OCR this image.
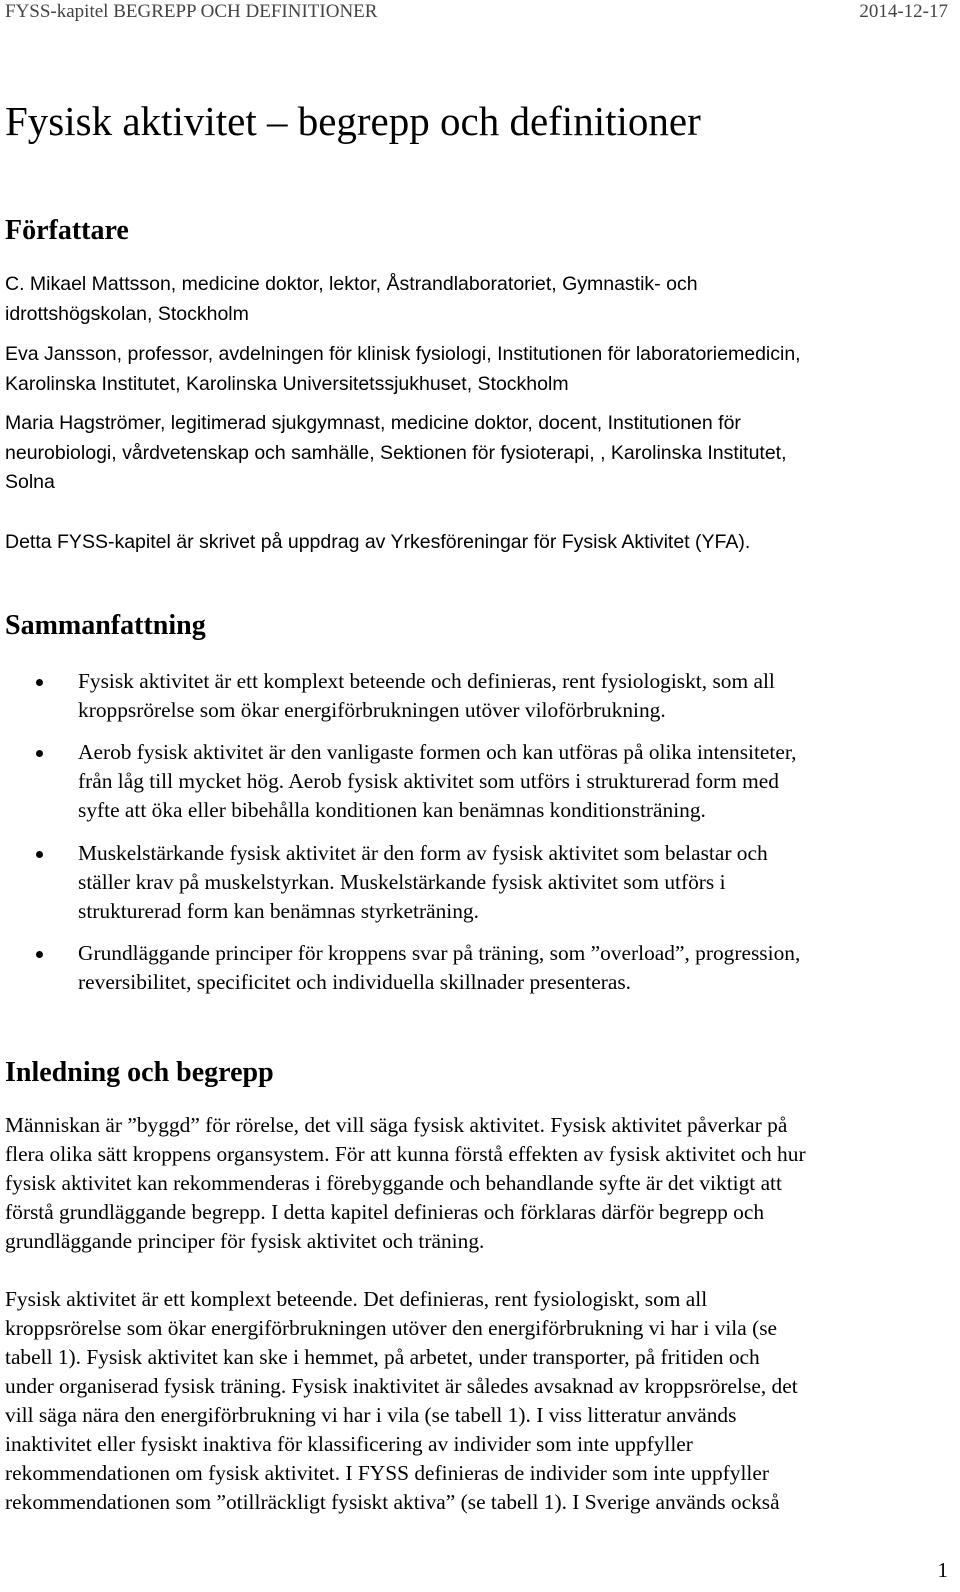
FYSS-kapitel BEGREPP OCH DEFINITIONER	2014-12-17
Fysisk aktivitet – begrepp och definitioner
Författare

C. Mikael Mattsson, medicine doktor, lektor, Åstrandlaboratoriet, Gymnastik- och
idrottshögskolan, Stockholm

Eva Jansson, professor, avdelningen för klinisk fysiologi, Institutionen för laboratoriemedicin,
Karolinska Institutet, Karolinska Universitetssjukhuset, Stockholm

Maria Hagströmer, legitimerad sjukgymnast, medicine doktor, docent, Institutionen för
neurobiologi, vårdvetenskap och samhälle, Sektionen för fysioterapi, , Karolinska Institutet,
Solna

Detta FYSS-kapitel är skrivet på uppdrag av Yrkesföreningar för Fysisk Aktivitet (YFA).

Sammanfattning
Fysisk aktivitet är ett komplext beteende och definieras, rent fysiologiskt, som all
kroppsrörelse som ökar energiförbrukningen utöver viloförbrukning.
Aerob fysisk aktivitet är den vanligaste formen och kan utföras på olika intensiteter,
från låg till mycket hög. Aerob fysisk aktivitet som utförs i strukturerad form med
syfte att öka eller bibehålla konditionen kan benämnas konditionsträning.
Muskelstärkande fysisk aktivitet är den form av fysisk aktivitet som belastar och
ställer krav på muskelstyrkan. Muskelstärkande fysisk aktivitet som utförs i
strukturerad form kan benämnas styrketräning.
Grundläggande principer för kroppens svar på träning, som ”overload”, progression,
reversibilitet, specificitet och individuella skillnader presenteras.
Inledning och begrepp

Människan är ”byggd” för rörelse, det vill säga fysisk aktivitet. Fysisk aktivitet påverkar på
flera olika sätt kroppens organsystem. För att kunna förstå effekten av fysisk aktivitet och hur
fysisk aktivitet kan rekommenderas i förebyggande och behandlande syfte är det viktigt att
förstå grundläggande begrepp. I detta kapitel definieras och förklaras därför begrepp och
grundläggande principer för fysisk aktivitet och träning.

Fysisk aktivitet är ett komplext beteende. Det definieras, rent fysiologiskt, som all
kroppsrörelse som ökar energiförbrukningen utöver den energiförbrukning vi har i vila (se
tabell 1). Fysisk aktivitet kan ske i hemmet, på arbetet, under transporter, på fritiden och
under organiserad fysisk träning. Fysisk inaktivitet är således avsaknad av kroppsrörelse, det
vill säga nära den energiförbrukning vi har i vila (se tabell 1). I viss litteratur används
inaktivitet eller fysiskt inaktiva för klassificering av individer som inte uppfyller
rekommendationen om fysisk aktivitet. I FYSS definieras de individer som inte uppfyller
rekommendationen som ”otillräckligt fysiskt aktiva” (se tabell 1). I Sverige används också

1
